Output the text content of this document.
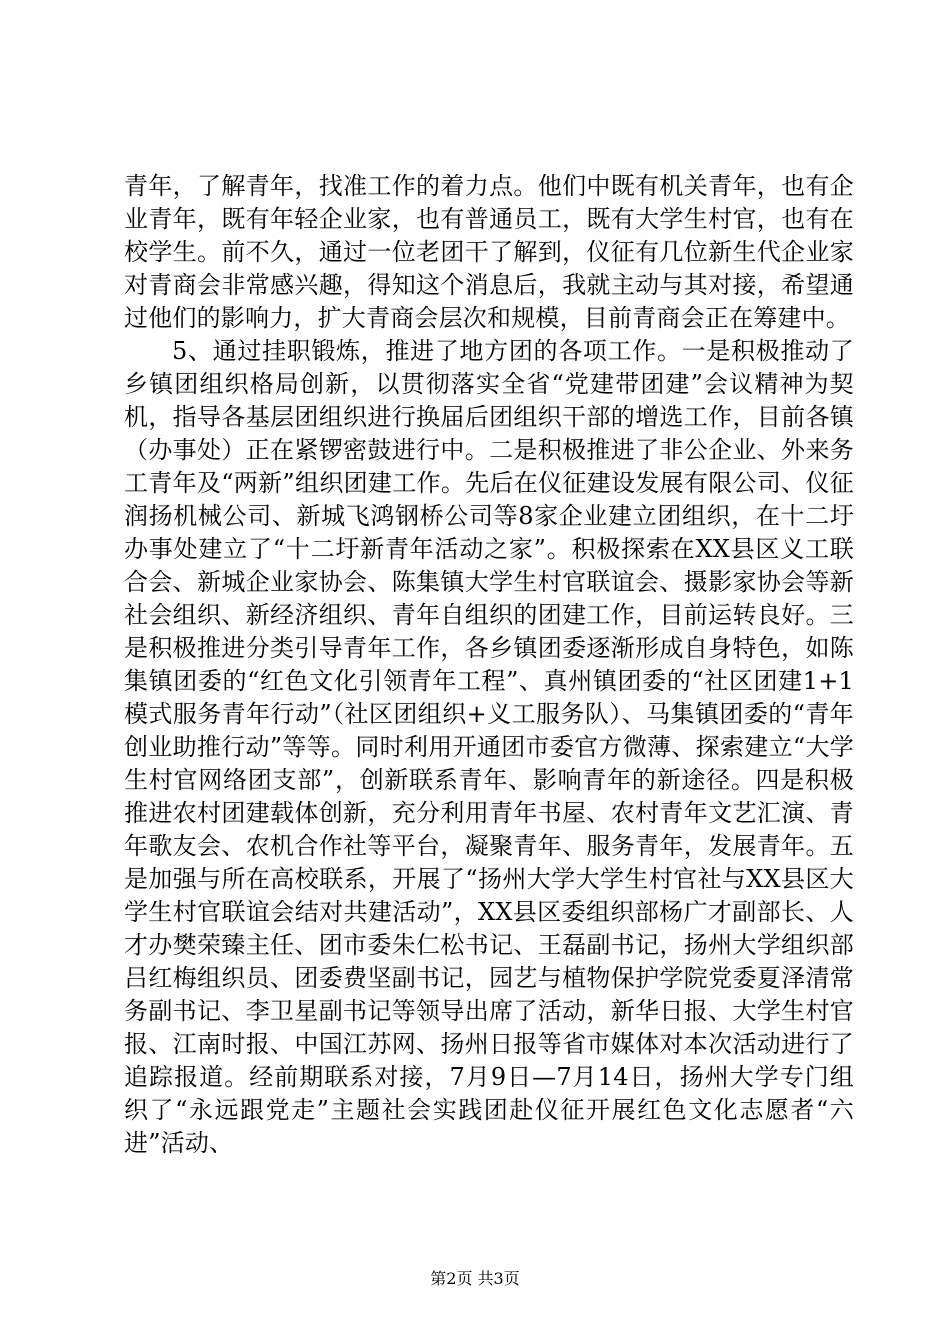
青年，了解青年，找准工作的着力点。他们中既有机关青年，也有企业青年，既有年轻企业家，也有普通员工，既有大学生村官，也有在校学生。前不久，通过一位老团干了解到，仪征有几位新生代企业家对青商会非常感兴趣，得知这个消息后，我就主动与其对接，希望通过他们的影响力，扩大青商会层次和规模，目前青商会正在筹建中。

5、通过挂职锻炼，推进了地方团的各项工作。一是积极推动了乡镇团组织格局创新，以贯彻落实全省“党建带团建”会议精神为契机，指导各基层团组织进行换届后团组织干部的增选工作，目前各镇（办事处）正在紧锣密鼓进行中。二是积极推进了非公企业、外来务工青年及“两新”组织团建工作。先后在仪征建设发展有限公司、仪征润扬机械公司、新城飞鸿钢桥公司等8家企业建立团组织，在十二圩办事处建立了“十二圩新青年活动之家”。积极探索在XX县区义工联合会、新城企业家协会、陈集镇大学生村官联谊会、摄影家协会等新社会组织、新经济组织、青年自组织的团建工作，目前运转良好。三是积极推进分类引导青年工作，各乡镇团委逐渐形成自身特色，如陈集镇团委的“红色文化引领青年工程”、真州镇团委的“社区团建1+1模式服务青年行动”（社区团组织+义工服务队）、马集镇团委的“青年创业助推行动”等等。同时利用开通团市委官方微薄、探索建立“大学生村官网络团支部”，创新联系青年、影响青年的新途径。四是积极推进农村团建载体创新，充分利用青年书屋、农村青年文艺汇演、青年歌友会、农机合作社等平台，凝聚青年、服务青年，发展青年。五是加强与所在高校联系，开展了“扬州大学大学生村官社与XX县区大学生村官联谊会结对共建活动”，XX县区委组织部杨广才副部长、人才办樊荣臻主任、团市委朱仁松书记、王磊副书记，扬州大学组织部吕红梅组织员、团委费坚副书记，园艺与植物保护学院党委夏泽清常务副书记、李卫星副书记等领导出席了活动，新华日报、大学生村官报、江南时报、中国江苏网、扬州日报等省市媒体对本次活动进行了追踪报道。经前期联系对接，7月9日—7月14日，扬州大学专门组织了“永远跟党走”主题社会实践团赴仪征开展红色文化志愿者“六进”活动、

第2页 共3页
